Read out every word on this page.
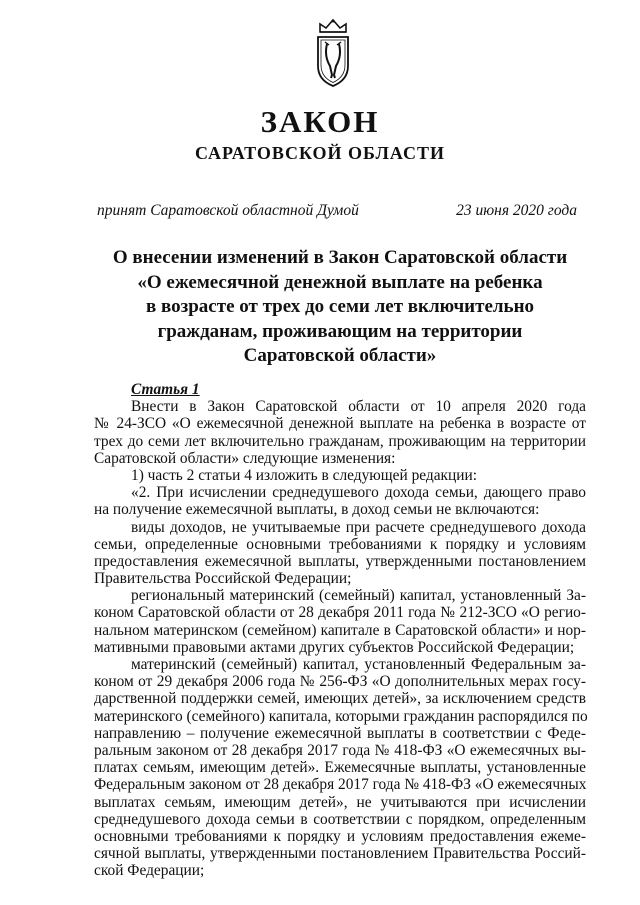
ЗАКОН
САРАТОВСКОЙ ОБЛАСТИ
принят Саратовской областной Думой	23 июня 2020 года
О внесении изменений в Закон Саратовской области
«О ежемесячной денежной выплате на ребенка
в возрасте от трех до семи лет включительно
гражданам, проживающим на территории
Саратовской области»
Статья 1
Внести в Закон Саратовской области от 10 апреля 2020 года
№ 24-ЗСО «О ежемесячной денежной выплате на ребенка в возрасте от
трех до семи лет включительно гражданам, проживающим на территории
Саратовской области» следующие изменения:
1) часть 2 статьи 4 изложить в следующей редакции:
«2. При исчислении среднедушевого дохода семьи, дающего право
на получение ежемесячной выплаты, в доход семьи не включаются:
виды доходов, не учитываемые при расчете среднедушевого дохода
семьи, определенные основными требованиями к порядку и условиям
предоставления ежемесячной выплаты, утвержденными постановлением
Правительства Российской Федерации;
региональный материнский (семейный) капитал, установленный За-
коном Саратовской области от 28 декабря 2011 года № 212-ЗСО «О регио-
нальном материнском (семейном) капитале в Саратовской области» и нор-
мативными правовыми актами других субъектов Российской Федерации;
материнский (семейный) капитал, установленный Федеральным за-
коном от 29 декабря 2006 года № 256-ФЗ «О дополнительных мерах госу-
дарственной поддержки семей, имеющих детей», за исключением средств
материнского (семейного) капитала, которыми гражданин распорядился по
направлению – получение ежемесячной выплаты в соответствии с Феде-
ральным законом от 28 декабря 2017 года № 418-ФЗ «О ежемесячных вы-
платах семьям, имеющим детей». Ежемесячные выплаты, установленные
Федеральным законом от 28 декабря 2017 года № 418-ФЗ «О ежемесячных
выплатах семьям, имеющим детей», не учитываются при исчислении
среднедушевого дохода семьи в соответствии с порядком, определенным
основными требованиями к порядку и условиям предоставления ежеме-
сячной выплаты, утвержденными постановлением Правительства Россий-
ской Федерации;
